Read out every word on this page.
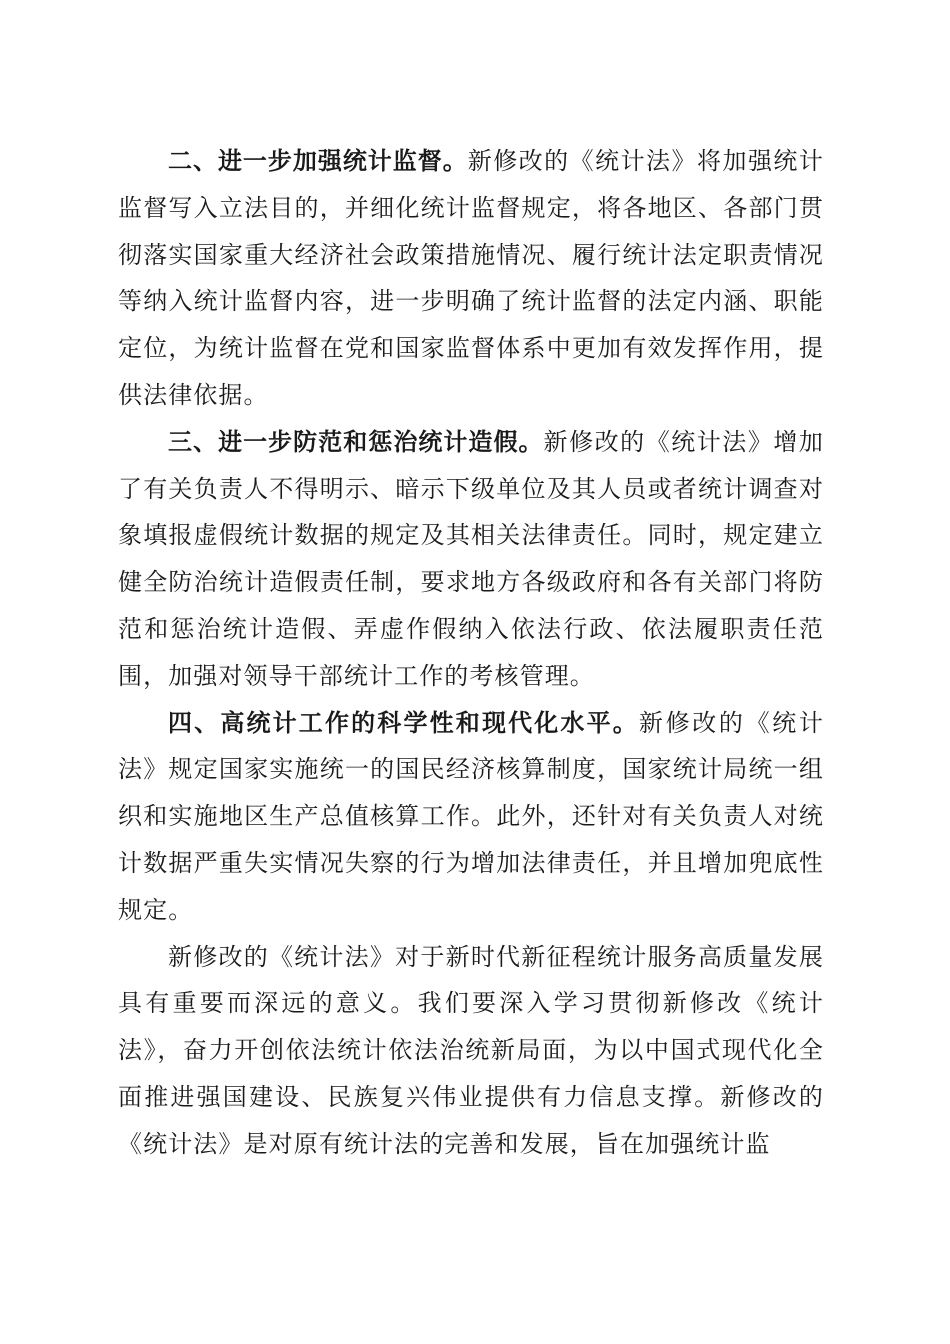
二、进一步加强统计监督。新修改的《统计法》将加强统计监督写入立法目的，并细化统计监督规定，将各地区、各部门贯彻落实国家重大经济社会政策措施情况、履行统计法定职责情况等纳入统计监督内容，进一步明确了统计监督的法定内涵、职能定位，为统计监督在党和国家监督体系中更加有效发挥作用，提供法律依据。

三、进一步防范和惩治统计造假。新修改的《统计法》增加了有关负责人不得明示、暗示下级单位及其人员或者统计调查对象填报虚假统计数据的规定及其相关法律责任。同时，规定建立健全防治统计造假责任制，要求地方各级政府和各有关部门将防范和惩治统计造假、弄虚作假纳入依法行政、依法履职责任范围，加强对领导干部统计工作的考核管理。

四、高统计工作的科学性和现代化水平。新修改的《统计法》规定国家实施统一的国民经济核算制度，国家统计局统一组织和实施地区生产总值核算工作。此外，还针对有关负责人对统计数据严重失实情况失察的行为增加法律责任，并且增加兜底性规定。

新修改的《统计法》对于新时代新征程统计服务高质量发展具有重要而深远的意义。我们要深入学习贯彻新修改《统计法》，奋力开创依法统计依法治统新局面，为以中国式现代化全面推进强国建设、民族复兴伟业提供有力信息支撑。新修改的《统计法》是对原有统计法的完善和发展，旨在加强统计监
